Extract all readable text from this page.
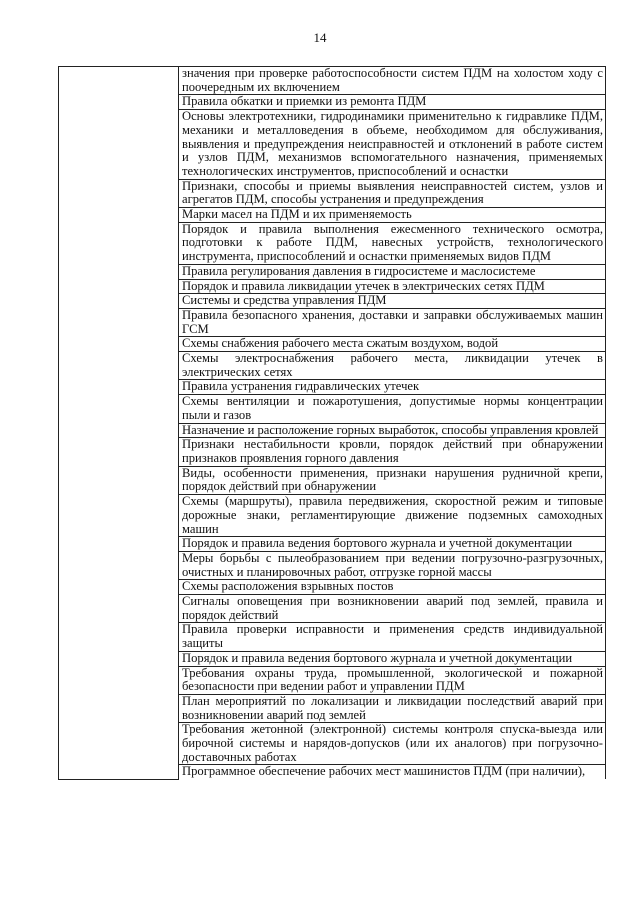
14
	значения при проверке работоспособности систем ПДМ на холостом ходу с поочередным их включением
Правила обкатки и приемки из ремонта ПДМ
Основы электротехники, гидродинамики применительно к гидравлике ПДМ, механики и металловедения в объеме, необходимом для обслуживания, выявления и предупреждения неисправностей и отклонений в работе систем и узлов ПДМ, механизмов вспомогательного назначения, применяемых технологических инструментов, приспособлений и оснастки
Признаки, способы и приемы выявления неисправностей систем, узлов и агрегатов ПДМ, способы устранения и предупреждения
Марки масел на ПДМ и их применяемость
Порядок и правила выполнения ежесменного технического осмотра, подготовки к работе ПДМ, навесных устройств, технологического инструмента, приспособлений и оснастки применяемых видов ПДМ
Правила регулирования давления в гидросистеме и маслосистеме
Порядок и правила ликвидации утечек в электрических сетях ПДМ
Системы и средства управления ПДМ
Правила безопасного хранения, доставки и заправки обслуживаемых машин ГСМ
Схемы снабжения рабочего места сжатым воздухом, водой
Схемы электроснабжения рабочего места, ликвидации утечек в электрических сетях
Правила устранения гидравлических утечек
Схемы вентиляции и пожаротушения, допустимые нормы концентрации пыли и газов
Назначение и расположение горных выработок, способы управления кровлей
Признаки нестабильности кровли, порядок действий при обнаружении признаков проявления горного давления
Виды, особенности применения, признаки нарушения рудничной крепи, порядок действий при обнаружении
Схемы (маршруты), правила передвижения, скоростной режим и типовые дорожные знаки, регламентирующие движение подземных самоходных машин
Порядок и правила ведения бортового журнала и учетной документации
Меры борьбы с пылеобразованием при ведении погрузочно-разгрузочных, очистных и планировочных работ, отгрузке горной массы
Схемы расположения взрывных постов
Сигналы оповещения при возникновении аварий под землей, правила и порядок действий
Правила проверки исправности и применения средств индивидуальной защиты
Порядок и правила ведения бортового журнала и учетной документации
Требования охраны труда, промышленной, экологической и пожарной безопасности при ведении работ и управлении ПДМ
План мероприятий по локализации и ликвидации последствий аварий при возникновении аварий под землей
Требования жетонной (электронной) системы контроля спуска-выезда или бирочной системы и нарядов-допусков (или их аналогов) при погрузочно-доставочных работах
Программное обеспечение рабочих мест машинистов ПДМ (при наличии),
